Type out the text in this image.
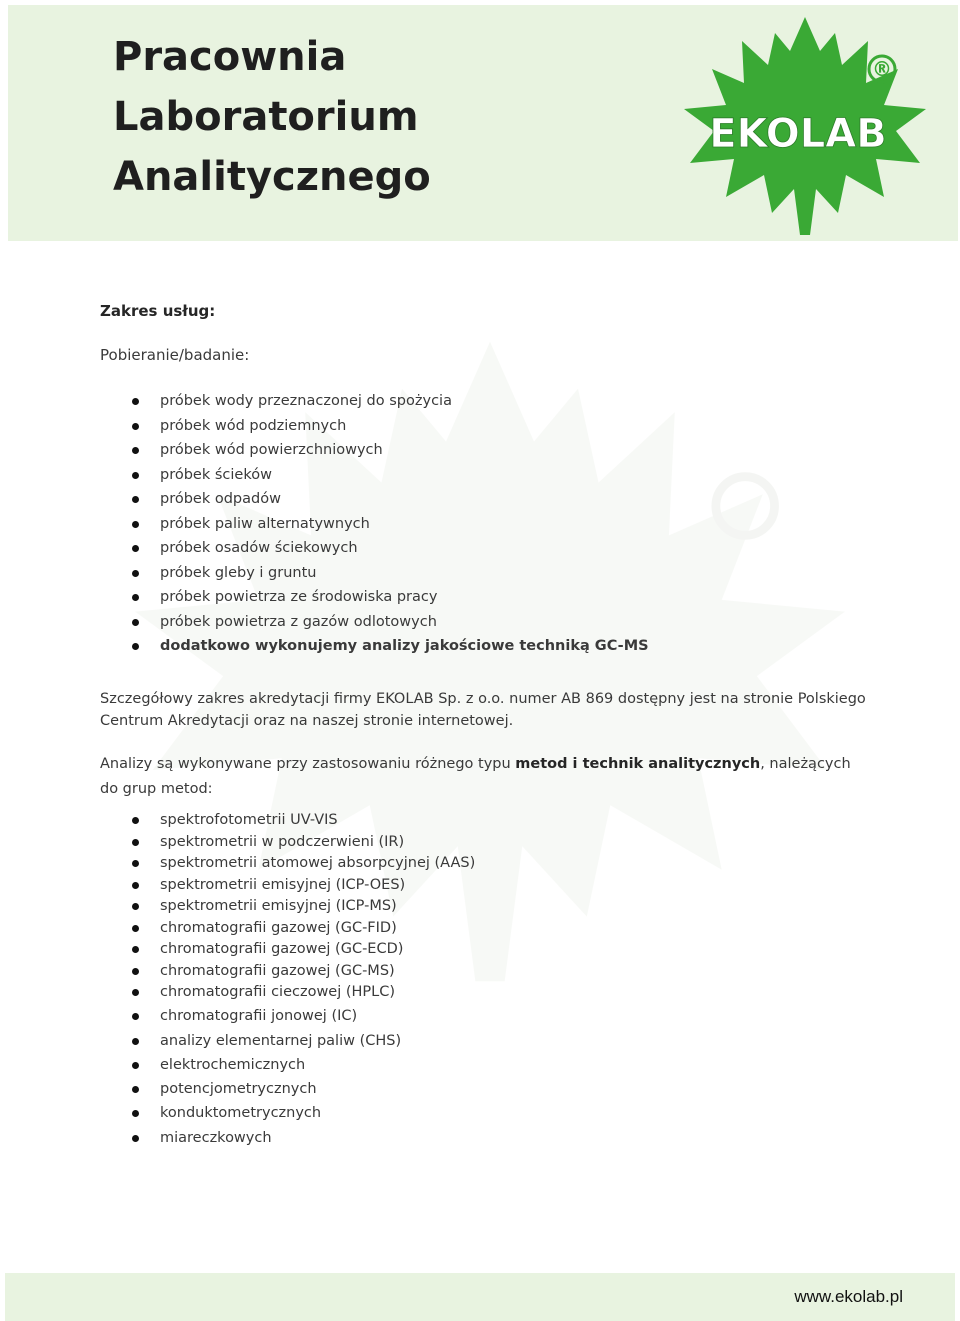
Pracownia
Laboratorium
Analitycznego
EKOLAB
®
Zakres usług:
Pobieranie/badanie:
próbek wody przeznaczonej do spożycia
próbek wód podziemnych
próbek wód powierzchniowych
próbek ścieków
próbek odpadów
próbek paliw alternatywnych
próbek osadów ściekowych
próbek gleby i gruntu
próbek powietrza ze środowiska pracy
próbek powietrza z gazów odlotowych
dodatkowo wykonujemy analizy jakościowe techniką GC-MS

Szczegółowy zakres akredytacji firmy EKOLAB Sp. z o.o. numer AB 869 dostępny jest na stronie Polskiego Centrum Akredytacji oraz na naszej stronie internetowej.

Analizy są wykonywane przy zastosowaniu różnego typu metod i technik analitycznych, należących do grup metod:

spektrofotometrii UV-VIS
spektrometrii w podczerwieni (IR)
spektrometrii atomowej absorpcyjnej (AAS)
spektrometrii emisyjnej (ICP-OES)
spektrometrii emisyjnej (ICP-MS)
chromatografii gazowej (GC-FID)
chromatografii gazowej (GC-ECD)
chromatografii gazowej (GC-MS)
chromatografii cieczowej (HPLC)
chromatografii jonowej (IC)
analizy elementarnej paliw (CHS)
elektrochemicznych
potencjometrycznych
konduktometrycznych
miareczkowych
www.ekolab.pl
